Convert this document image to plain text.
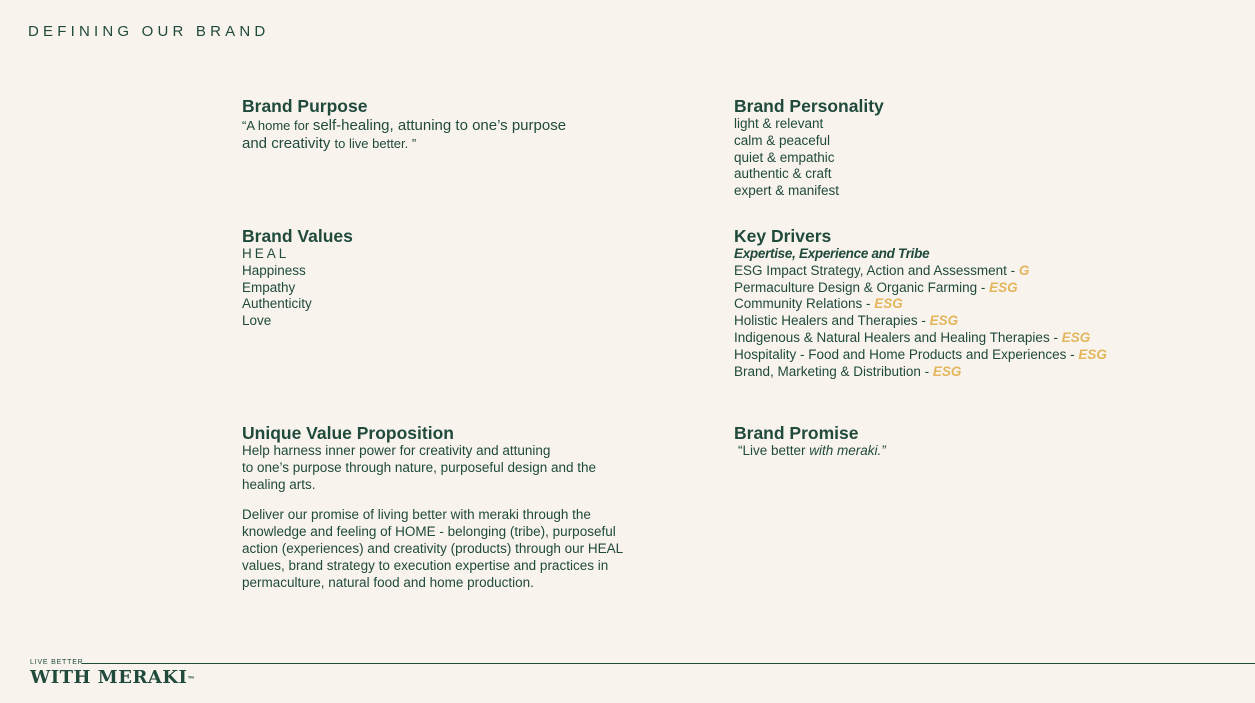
DEFINING OUR BRAND
Brand Purpose
“A home for self-healing, attuning to one’s purpose
and creativity to live better. ”
Brand Personality
light & relevant
calm & peaceful
quiet & empathic
authentic & craft
expert & manifest
Brand Values
HEAL
Happiness
Empathy
Authenticity
Love
Key Drivers
Expertise, Experience and Tribe
ESG Impact Strategy, Action and Assessment - G
Permaculture Design & Organic Farming - ESG
Community Relations - ESG
Holistic Healers and Therapies - ESG
Indigenous & Natural Healers and Healing Therapies - ESG
Hospitality - Food and Home Products and Experiences - ESG
Brand, Marketing & Distribution - ESG
Unique Value Proposition
Help harness inner power for creativity and attuning
to one’s purpose through nature, purposeful design and the
healing arts.
Deliver our promise of living better with meraki through the
knowledge and feeling of HOME - belonging (tribe), purposeful
action (experiences) and creativity (products) through our HEAL
values, brand strategy to execution expertise and practices in
permaculture, natural food and home production.
Brand Promise
“Live better with meraki.”
LIVE BETTER
WITH MERAKI™
